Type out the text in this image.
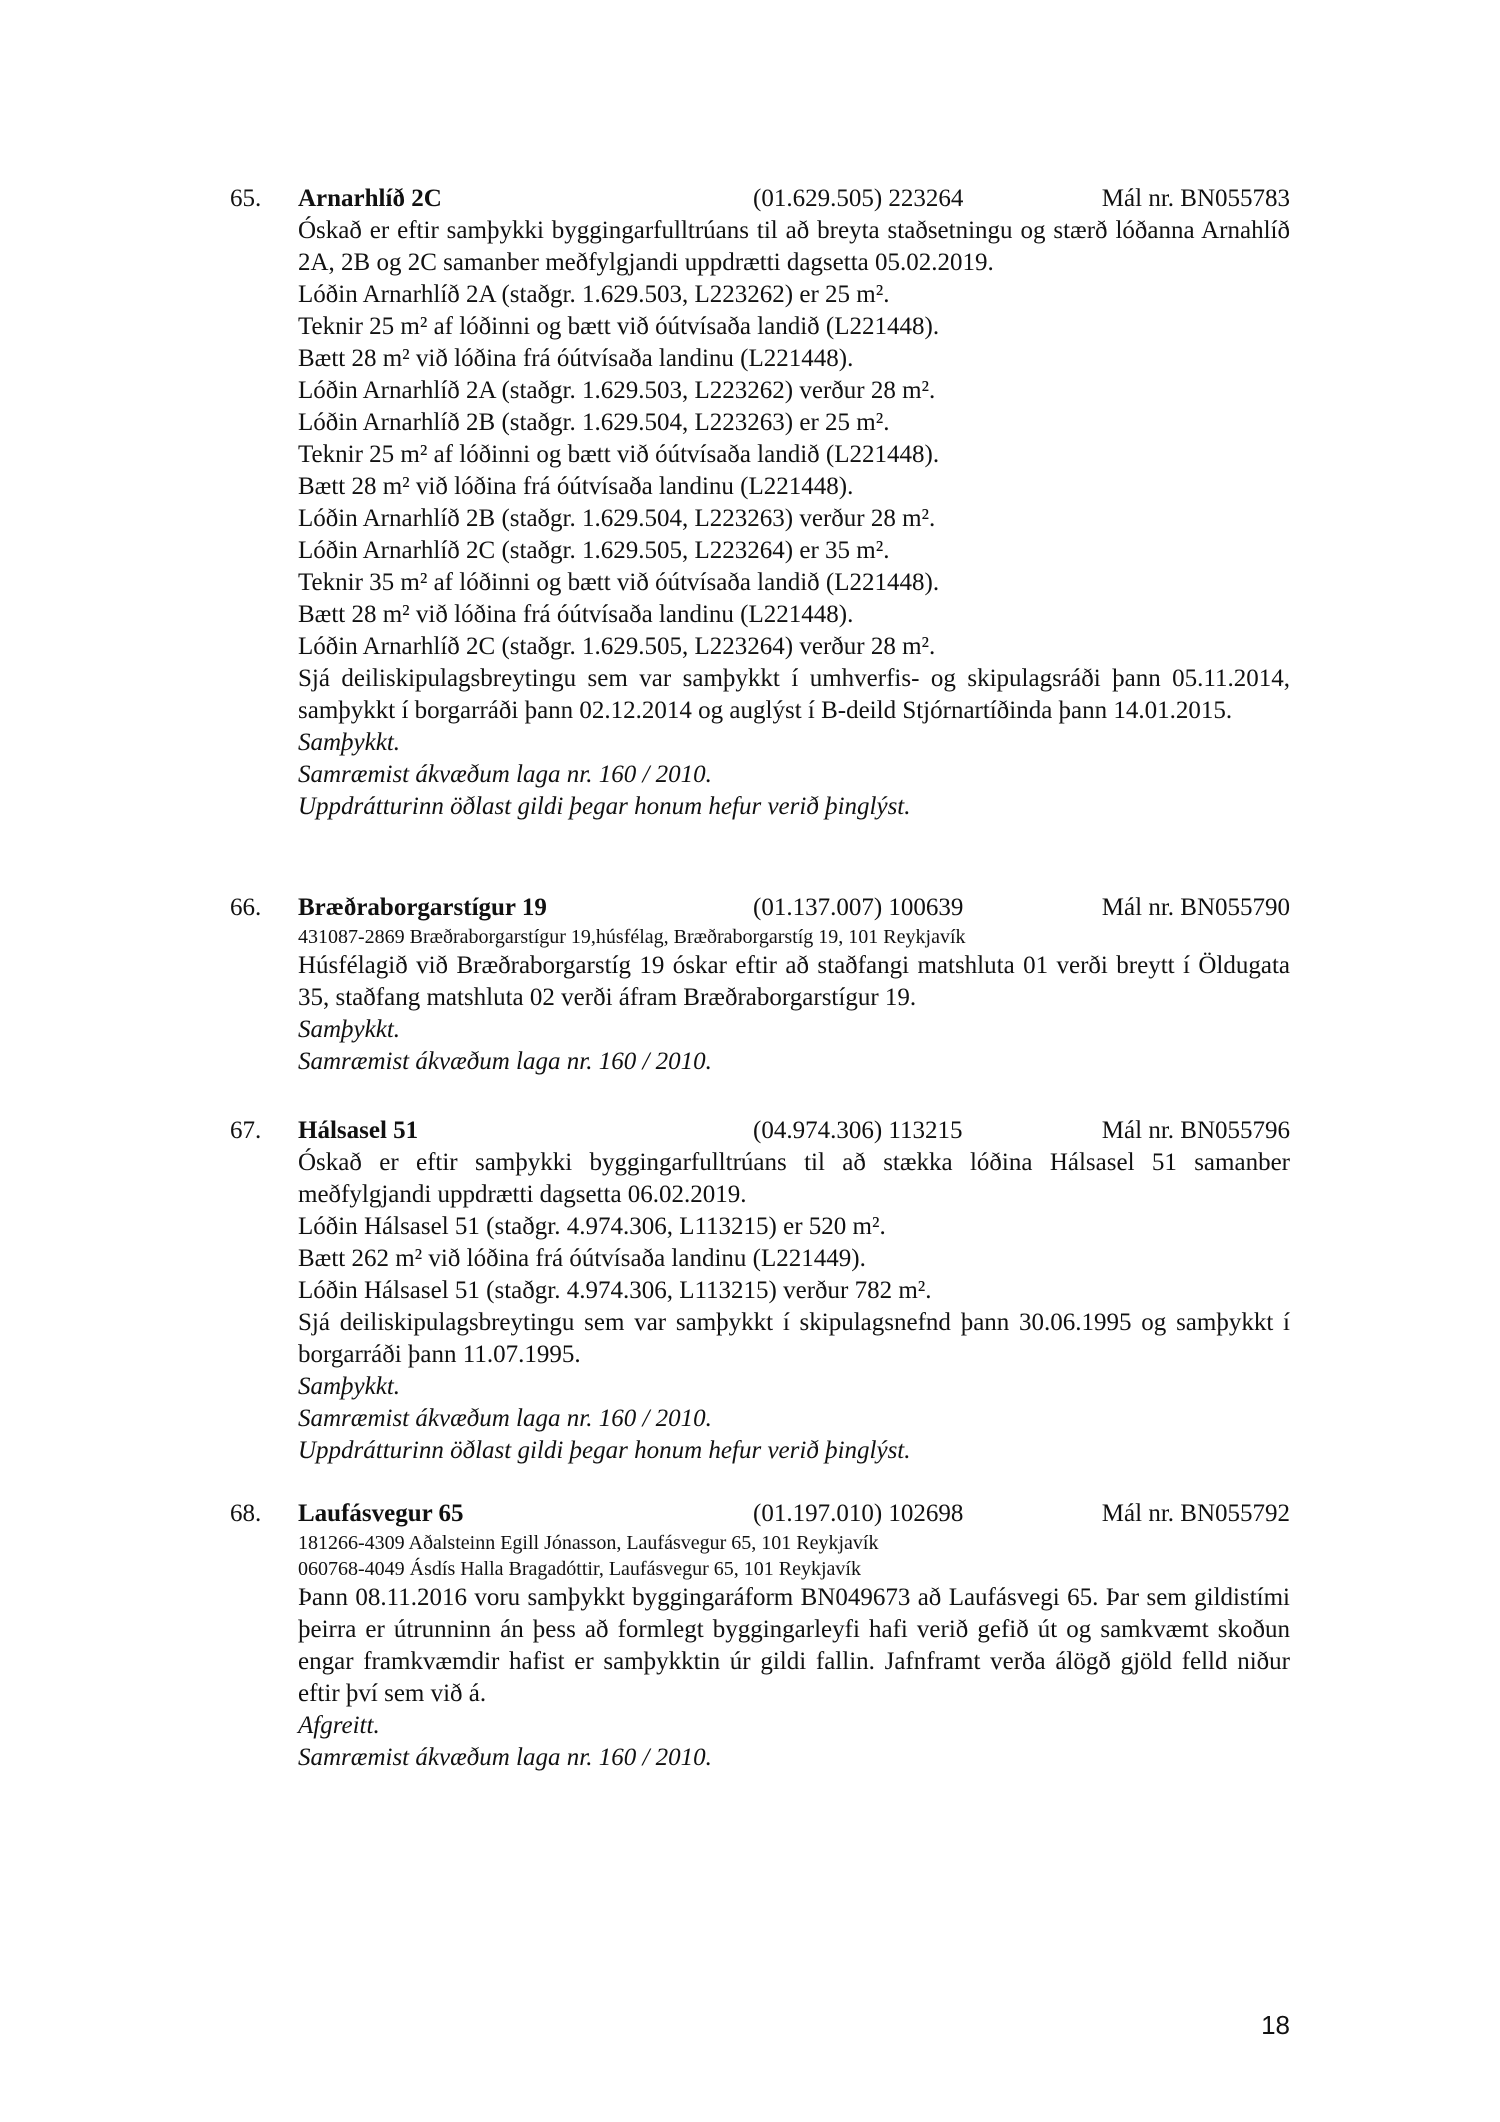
65. Arnarhlíð 2C	(01.629.505) 223264	Mál nr. BN055783

Óskað er eftir samþykki byggingarfulltrúans til að breyta staðsetningu og stærð lóðanna Arnahlíð 2A, 2B og 2C samanber meðfylgjandi uppdrætti dagsetta 05.02.2019.

Lóðin Arnarhlíð 2A (staðgr. 1.629.503, L223262) er 25 m².

Teknir 25 m² af lóðinni og bætt við óútvísaða landið (L221448).

Bætt 28 m² við lóðina frá óútvísaða landinu (L221448).

Lóðin Arnarhlíð 2A (staðgr. 1.629.503, L223262) verður 28 m².

Lóðin Arnarhlíð 2B (staðgr. 1.629.504, L223263) er 25 m².

Teknir 25 m² af lóðinni og bætt við óútvísaða landið (L221448).

Bætt 28 m² við lóðina frá óútvísaða landinu (L221448).

Lóðin Arnarhlíð 2B (staðgr. 1.629.504, L223263) verður 28 m².

Lóðin Arnarhlíð 2C (staðgr. 1.629.505, L223264) er 35 m².

Teknir 35 m² af lóðinni og bætt við óútvísaða landið (L221448).

Bætt 28 m² við lóðina frá óútvísaða landinu (L221448).

Lóðin Arnarhlíð 2C (staðgr. 1.629.505, L223264) verður 28 m².

Sjá deiliskipulagsbreytingu sem var samþykkt í umhverfis- og skipulagsráði þann 05.11.2014, samþykkt í borgarráði þann 02.12.2014 og auglýst í B-deild Stjórnartíðinda þann 14.01.2015.

Samþykkt.

Samræmist ákvæðum laga nr. 160 / 2010.

Uppdrátturinn öðlast gildi þegar honum hefur verið þinglýst.

66. Bræðraborgarstígur 19	(01.137.007) 100639	Mál nr. BN055790

431087-2869 Bræðraborgarstígur 19,húsfélag, Bræðraborgarstíg 19, 101 Reykjavík

Húsfélagið við Bræðraborgarstíg 19 óskar eftir að staðfangi matshluta 01 verði breytt í Öldugata 35, staðfang matshluta 02 verði áfram Bræðraborgarstígur 19.

Samþykkt.

Samræmist ákvæðum laga nr. 160 / 2010.

67. Hálsasel 51	(04.974.306) 113215	Mál nr. BN055796

Óskað er eftir samþykki byggingarfulltrúans til að stækka lóðina Hálsasel 51 samanber meðfylgjandi uppdrætti dagsetta 06.02.2019.

Lóðin Hálsasel 51 (staðgr. 4.974.306, L113215) er 520 m².

Bætt 262 m² við lóðina frá óútvísaða landinu (L221449).

Lóðin Hálsasel 51 (staðgr. 4.974.306, L113215) verður 782 m².

Sjá deiliskipulagsbreytingu sem var samþykkt í skipulagsnefnd þann 30.06.1995 og samþykkt í borgarráði þann 11.07.1995.

Samþykkt.

Samræmist ákvæðum laga nr. 160 / 2010.

Uppdrátturinn öðlast gildi þegar honum hefur verið þinglýst.

68. Laufásvegur 65	(01.197.010) 102698	Mál nr. BN055792

181266-4309 Aðalsteinn Egill Jónasson, Laufásvegur 65, 101 Reykjavík

060768-4049 Ásdís Halla Bragadóttir, Laufásvegur 65, 101 Reykjavík

Þann 08.11.2016 voru samþykkt byggingaráform BN049673 að Laufásvegi 65. Þar sem gildistími þeirra er útrunninn án þess að formlegt byggingarleyfi hafi verið gefið út og samkvæmt skoðun engar framkvæmdir hafist er samþykktin úr gildi fallin. Jafnframt verða álögð gjöld felld niður eftir því sem við á.

Afgreitt.

Samræmist ákvæðum laga nr. 160 / 2010.

18
